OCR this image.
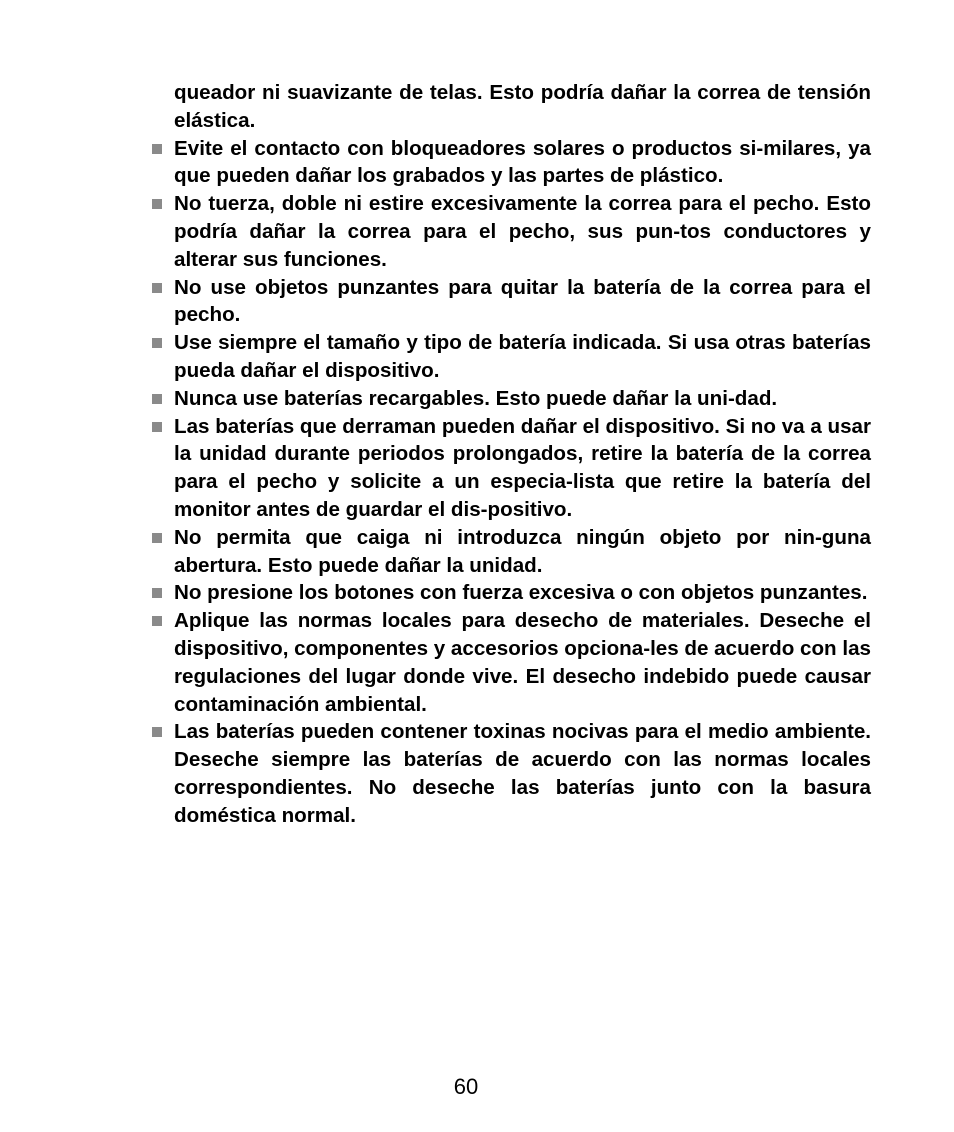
queador ni suavizante de telas. Esto podría dañar la correa de tensión elástica.

Evite el contacto con bloqueadores solares o productos si-milares, ya que pueden dañar los grabados y las partes de plástico.
No tuerza, doble ni estire excesivamente la correa para el pecho. Esto podría dañar la correa para el pecho, sus pun-tos conductores y alterar sus funciones.
No use objetos punzantes para quitar la batería de la correa para el pecho.
Use siempre el tamaño y tipo de batería indicada. Si usa otras baterías pueda dañar el dispositivo.
Nunca use baterías recargables. Esto puede dañar la uni-dad.
Las baterías que derraman pueden dañar el dispositivo. Si no va a usar la unidad durante periodos prolongados, retire la batería de la correa para el pecho y solicite a un especia-lista que retire la batería del monitor antes de guardar el dis-positivo.
No permita que caiga ni introduzca ningún objeto por nin-guna abertura. Esto puede dañar la unidad.
No presione los botones con fuerza excesiva o con objetos punzantes.
Aplique las normas locales para desecho de materiales. Deseche el dispositivo, componentes y accesorios opciona-les de acuerdo con las regulaciones del lugar donde vive. El desecho indebido puede causar contaminación ambiental.
Las baterías pueden contener toxinas nocivas para el medio ambiente. Deseche siempre las baterías de acuerdo con las normas locales correspondientes. No deseche las baterías junto con la basura doméstica normal.
60
